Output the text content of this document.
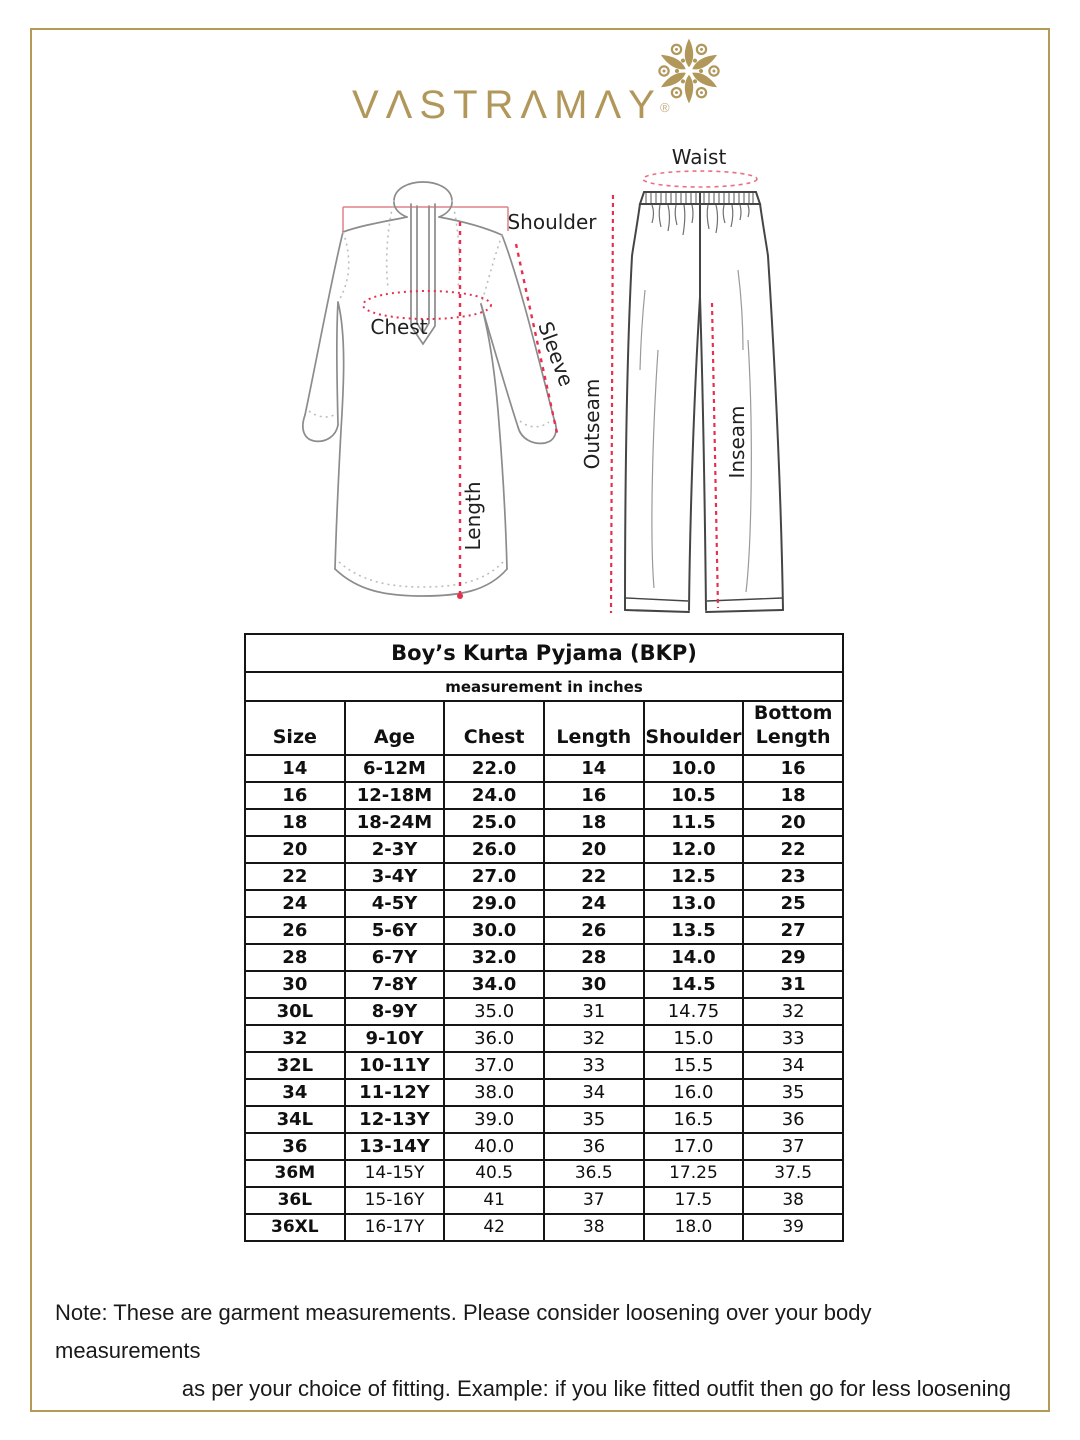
VΛSTRΛMΛY
®
Shoulder
Chest	Sleeve
Length
Waist
Outseam	Inseam
Boy’s Kurta Pyjama (BKP)					
measurement in inches					
Size	Age	Chest	Length	Shoulder	Bottom Length
14	6-12M	22.0	14	10.0	16
16	12-18M	24.0	16	10.5	18
18	18-24M	25.0	18	11.5	20
20	2-3Y	26.0	20	12.0	22
22	3-4Y	27.0	22	12.5	23
24	4-5Y	29.0	24	13.0	25
26	5-6Y	30.0	26	13.5	27
28	6-7Y	32.0	28	14.0	29
30	7-8Y	34.0	30	14.5	31
30L	8-9Y	35.0	31	14.75	32
32	9-10Y	36.0	32	15.0	33
32L	10-11Y	37.0	33	15.5	34
34	11-12Y	38.0	34	16.0	35
34L	12-13Y	39.0	35	16.5	36
36	13-14Y	40.0	36	17.0	37
36M	14-15Y	40.5	36.5	17.25	37.5
36L	15-16Y	41	37	17.5	38
36XL	16-17Y	42	38	18.0	39

Note: These are garment measurements. Please consider loosening over your body measurements

as per your choice of fitting. Example: if you like fitted outfit then go for less loosening
